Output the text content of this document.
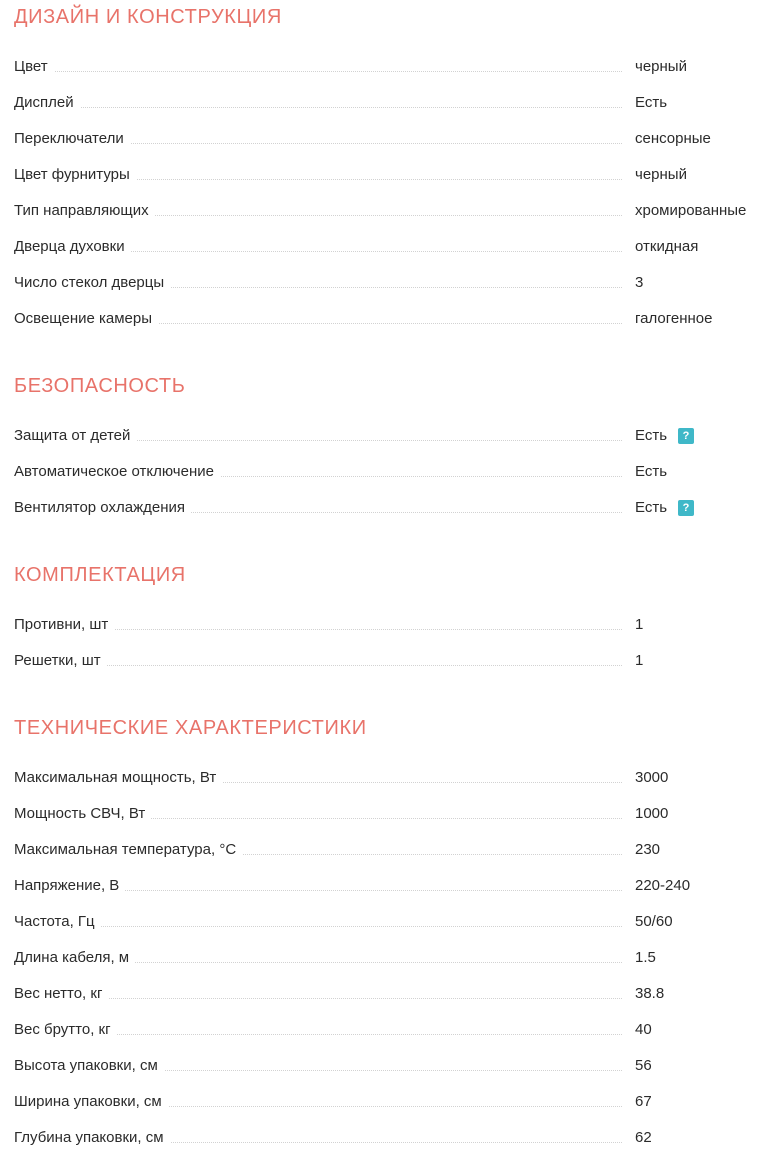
ДИЗАЙН И КОНСТРУКЦИЯ
Цвет	черный
Дисплей	Есть
Переключатели	сенсорные
Цвет фурнитуры	черный
Тип направляющих	хромированные
Дверца духовки	откидная
Число стекол дверцы	3
Освещение камеры	галогенное
БЕЗОПАСНОСТЬ
Защита от детей	Есть ?
Автоматическое отключение	Есть
Вентилятор охлаждения	Есть ?
КОМПЛЕКТАЦИЯ
Противни, шт	1
Решетки, шт	1
ТЕХНИЧЕСКИЕ ХАРАКТЕРИСТИКИ
Максимальная мощность, Вт	3000
Мощность СВЧ, Вт	1000
Максимальная температура, °С	230
Напряжение, В	220-240
Частота, Гц	50/60
Длина кабеля, м	1.5
Вес нетто, кг	38.8
Вес брутто, кг	40
Высота упаковки, см	56
Ширина упаковки, см	67
Глубина упаковки, см	62
